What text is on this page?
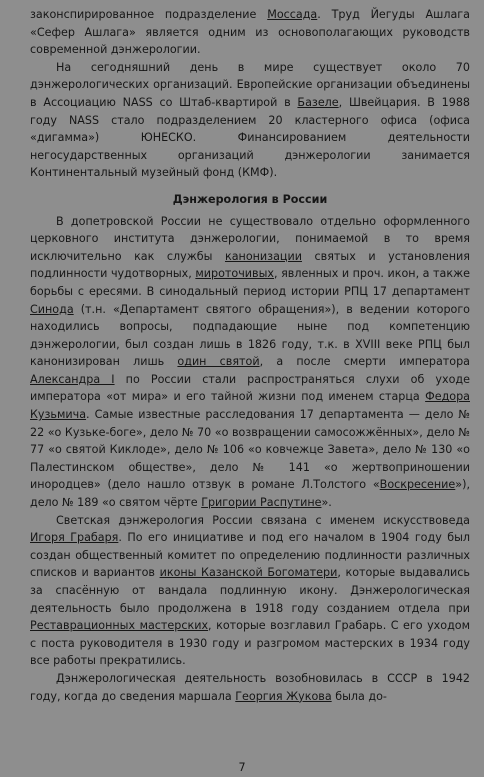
законспирированное подразделение Моссада. Труд Йегуды Ашлага «Сефер Ашлага» является одним из основополагающих руководств современной дэнжерологии.

На сегодняшний день в мире существует около 70 дэнжерологических организаций. Европейские организации объединены в Ассоциацию NASS со Штаб-квартирой в Базеле, Швейцария. В 1988 году NASS стало подразделением 20 кластерного офиса (офиса «дигамма») ЮНЕСКО. Финансированием деятельности негосударственных организаций дэнжерологии занимается Континентальный музейный фонд (КМФ).

Дэнжерология в России

В допетровской России не существовало отдельно оформленного церковного института дэнжерологии, понимаемой в то время исключительно как службы канонизации святых и установления подлинности чудотворных, мироточивых, явленных и проч. икон, а также борьбы с ересями. В синодальный период истории РПЦ 17 департамент Синода (т.н. «Департамент святого обращения»), в ведении которого находились вопросы, подпадающие ныне под компетенцию дэнжерологии, был создан лишь в 1826 году, т.к. в XVIII веке РПЦ был канонизирован лишь один святой, а после смерти императора Александра I по России стали распространяться слухи об уходе императора «от мира» и его тайной жизни под именем старца Федора Кузьмича. Самые известные расследования 17 департамента — дело № 22 «о Кузьке-боге», дело № 70 «о возвращении самосожжённых», дело № 77 «о святой Киклоде», дело № 106 «о ковчежце Завета», дело № 130 «о Палестинском обществе», дело № 141 «о жертвоприношении инородцев» (дело нашло отзвук в романе Л.Толстого «Воскресение»), дело № 189 «о святом чёрте Григории Распутине».

Светская дэнжерология России связана с именем искусствоведа Игоря Грабаря. По его инициативе и под его началом в 1904 году был создан общественный комитет по определению подлинности различных списков и вариантов иконы Казанской Богоматери, которые выдавались за спасённую от вандала подлинную икону. Дэнжерологическая деятельность было продолжена в 1918 году созданием отдела при Реставрационных мастерских, которые возглавил Грабарь. С его уходом с поста руководителя в 1930 году и разгромом мастерских в 1934 году все работы прекратились.

Дэнжерологическая деятельность возобновилась в СССР в 1942 году, когда до сведения маршала Георгия Жукова была до-

7
